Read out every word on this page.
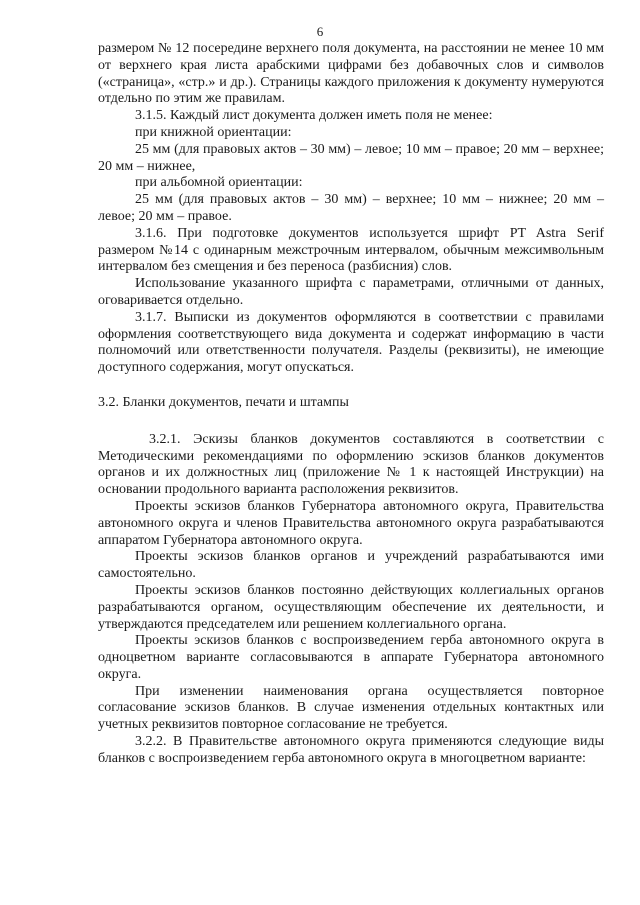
6

размером № 12 посередине верхнего поля документа, на расстоянии не менее 10 мм от верхнего края листа арабскими цифрами без добавочных слов и символов («страница», «стр.» и др.). Страницы каждого приложения к документу нумеруются отдельно по этим же правилам.

3.1.5. Каждый лист документа должен иметь поля не менее:

при книжной ориентации:

25 мм (для правовых актов – 30 мм) – левое; 10 мм – правое; 20 мм – верхнее; 20 мм – нижнее,

при альбомной ориентации:

25 мм (для правовых актов – 30 мм) – верхнее; 10 мм – нижнее; 20 мм – левое; 20 мм – правое.

3.1.6. При подготовке документов используется шрифт PT Astra Serif размером №14 с одинарным межстрочным интервалом, обычным межсимвольным интервалом без смещения и без переноса (разбисния) слов.

Использование указанного шрифта с параметрами, отличными от данных, оговаривается отдельно.

3.1.7. Выписки из документов оформляются в соответствии с правилами оформления соответствующего вида документа и содержат информацию в части полномочий или ответственности получателя. Разделы (реквизиты), не имеющие доступного содержания, могут опускаться.

3.2. Бланки документов, печати и штампы

3.2.1. Эскизы бланков документов составляются в соответствии с Методическими рекомендациями по оформлению эскизов бланков документов органов и их должностных лиц (приложение № 1 к настоящей Инструкции) на основании продольного варианта расположения реквизитов.

Проекты эскизов бланков Губернатора автономного округа, Правительства автономного округа и членов Правительства автономного округа разрабатываются аппаратом Губернатора автономного округа.

Проекты эскизов бланков органов и учреждений разрабатываются ими самостоятельно.

Проекты эскизов бланков постоянно действующих коллегиальных органов разрабатываются органом, осуществляющим обеспечение их деятельности, и утверждаются председателем или решением коллегиального органа.

Проекты эскизов бланков с воспроизведением герба автономного округа в одноцветном варианте согласовываются в аппарате Губернатора автономного округа.

При изменении наименования органа осуществляется повторное согласование эскизов бланков. В случае изменения отдельных контактных или учетных реквизитов повторное согласование не требуется.

3.2.2. В Правительстве автономного округа применяются следующие виды бланков с воспроизведением герба автономного округа в многоцветном варианте:
